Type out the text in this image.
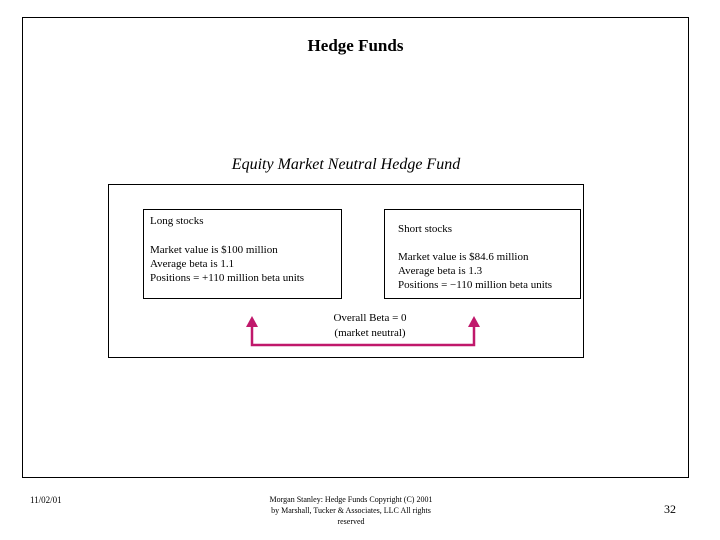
Hedge Funds
Equity Market Neutral Hedge Fund
Long stocks
Market value is $100 million
Average beta is 1.1
Positions = +110 million beta units
Short stocks
Market value is $84.6 million
Average beta is 1.3
Positions = −110 million beta units
Overall Beta = 0
(market neutral)
11/02/01	Morgan Stanley: Hedge Funds Copyright (C) 2001
by Marshall, Tucker & Associates, LLC All rights
reserved
32
